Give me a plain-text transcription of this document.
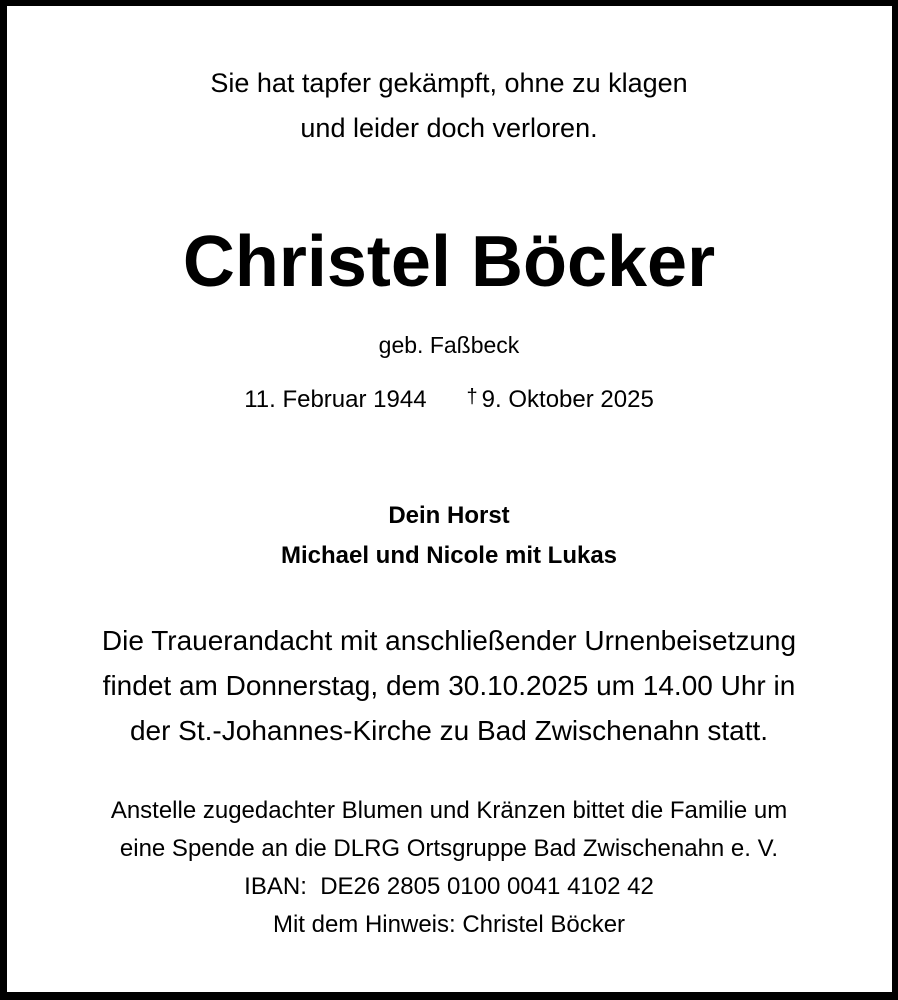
Sie hat tapfer gekämpft, ohne zu klagen
und leider doch verloren.
Christel Böcker
geb. Faßbeck
11. Februar 1944 † 9. Oktober 2025
Dein Horst
Michael und Nicole mit Lukas
Die Trauerandacht mit anschließender Urnenbeisetzung
findet am Donnerstag, dem 30.10.2025 um 14.00 Uhr in
der St.-Johannes-Kirche zu Bad Zwischenahn statt.
Anstelle zugedachter Blumen und Kränzen bittet die Familie um
eine Spende an die DLRG Ortsgruppe Bad Zwischenahn e. V.
IBAN:  DE26 2805 0100 0041 4102 42
Mit dem Hinweis: Christel Böcker
